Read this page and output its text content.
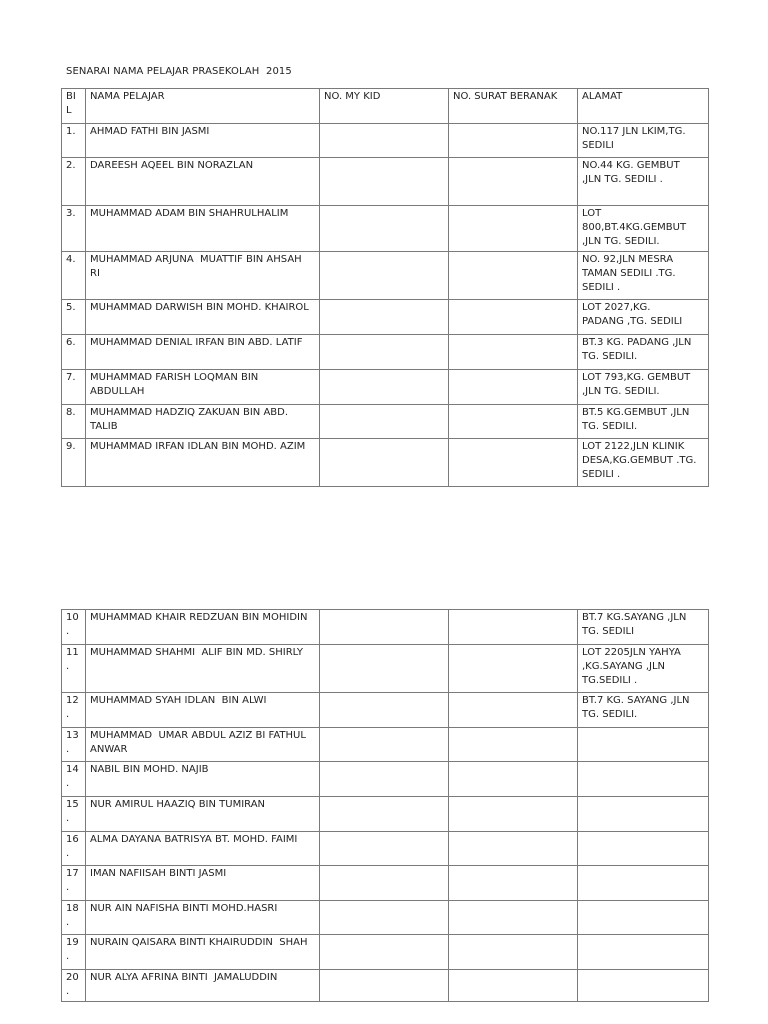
SENARAI NAMA PELAJAR PRASEKOLAH  2015
BI
L	NAMA PELAJAR	NO. MY KID	NO. SURAT BERANAK	ALAMAT
1.	AHMAD FATHI BIN JASMI			NO.117 JLN LKIM,TG.
SEDILI
2.	DAREESH AQEEL BIN NORAZLAN			NO.44 KG. GEMBUT
,JLN TG. SEDILI .
3.	MUHAMMAD ADAM BIN SHAHRULHALIM			LOT
800,BT.4KG.GEMBUT
,JLN TG. SEDILI.
4.	MUHAMMAD ARJUNA  MUATTIF BIN AHSAH
RI			NO. 92,JLN MESRA
TAMAN SEDILI .TG.
SEDILI .
5.	MUHAMMAD DARWISH BIN MOHD. KHAIROL			LOT 2027,KG.
PADANG ,TG. SEDILI
6.	MUHAMMAD DENIAL IRFAN BIN ABD. LATIF			BT.3 KG. PADANG ,JLN
TG. SEDILI.
7.	MUHAMMAD FARISH LOQMAN BIN
ABDULLAH			LOT 793,KG. GEMBUT
,JLN TG. SEDILI.
8.	MUHAMMAD HADZIQ ZAKUAN BIN ABD.
TALIB			BT.5 KG.GEMBUT ,JLN
TG. SEDILI.
9.	MUHAMMAD IRFAN IDLAN BIN MOHD. AZIM			LOT 2122,JLN KLINIK
DESA,KG.GEMBUT .TG.
SEDILI .
10
.	MUHAMMAD KHAIR REDZUAN BIN MOHIDIN			BT.7 KG.SAYANG ,JLN
TG. SEDILI
11
.	MUHAMMAD SHAHMI  ALIF BIN MD. SHIRLY			LOT 2205JLN YAHYA
,KG.SAYANG ,JLN
TG.SEDILI .
12
.	MUHAMMAD SYAH IDLAN  BIN ALWI			BT.7 KG. SAYANG ,JLN
TG. SEDILI.
13
.	MUHAMMAD  UMAR ABDUL AZIZ BI FATHUL
ANWAR			
14
.	NABIL BIN MOHD. NAJIB			
15
.	NUR AMIRUL HAAZIQ BIN TUMIRAN			
16
.	ALMA DAYANA BATRISYA BT. MOHD. FAIMI			
17
.	IMAN NAFIISAH BINTI JASMI			
18
.	NUR AIN NAFISHA BINTI MOHD.HASRI			
19
.	NURAIN QAISARA BINTI KHAIRUDDIN  SHAH			
20
.	NUR ALYA AFRINA BINTI  JAMALUDDIN			
